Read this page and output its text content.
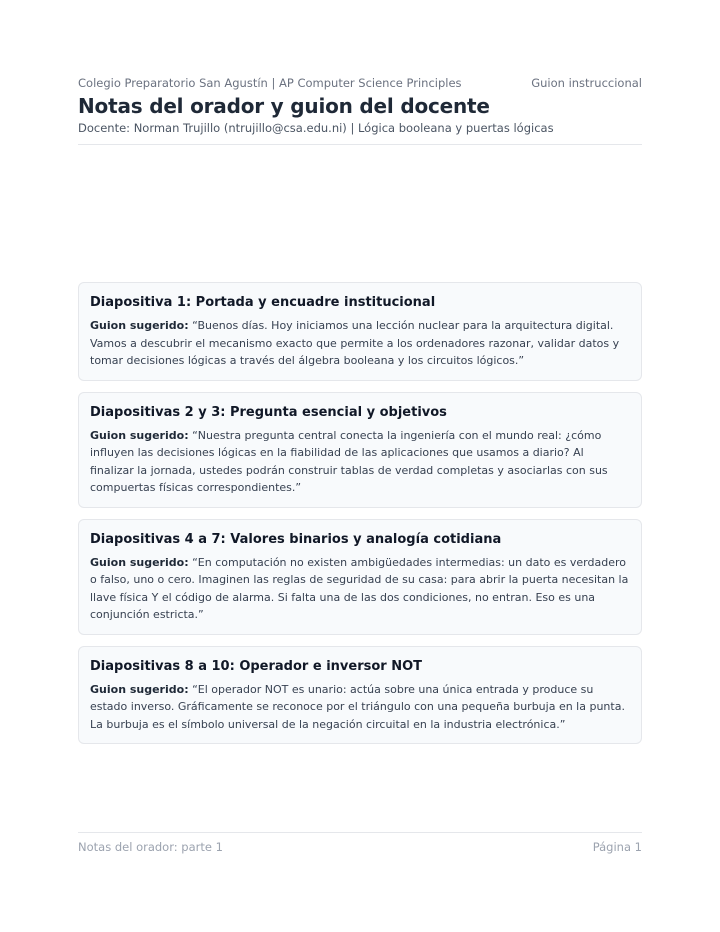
Colegio Preparatorio San Agustín | AP Computer Science Principles	Guion instruccional
Notas del orador y guion del docente
Docente: Norman Trujillo (ntrujillo@csa.edu.ni) | Lógica booleana y puertas lógicas
Diapositiva 1: Portada y encuadre institucional

Guion sugerido: “Buenos días. Hoy iniciamos una lección nuclear para la arquitectura digital. Vamos a descubrir el mecanismo exacto que permite a los ordenadores razonar, validar datos y tomar decisiones lógicas a través del álgebra booleana y los circuitos lógicos.”

Diapositivas 2 y 3: Pregunta esencial y objetivos

Guion sugerido: “Nuestra pregunta central conecta la ingeniería con el mundo real: ¿cómo influyen las decisiones lógicas en la fiabilidad de las aplicaciones que usamos a diario? Al finalizar la jornada, ustedes podrán construir tablas de verdad completas y asociarlas con sus compuertas físicas correspondientes.”

Diapositivas 4 a 7: Valores binarios y analogía cotidiana

Guion sugerido: “En computación no existen ambigüedades intermedias: un dato es verdadero o falso, uno o cero. Imaginen las reglas de seguridad de su casa: para abrir la puerta necesitan la llave física Y el código de alarma. Si falta una de las dos condiciones, no entran. Eso es una conjunción estricta.”

Diapositivas 8 a 10: Operador e inversor NOT

Guion sugerido: “El operador NOT es unario: actúa sobre una única entrada y produce su estado inverso. Gráficamente se reconoce por el triángulo con una pequeña burbuja en la punta. La burbuja es el símbolo universal de la negación circuital en la industria electrónica.”

Notas del orador: parte 1	Página 1
